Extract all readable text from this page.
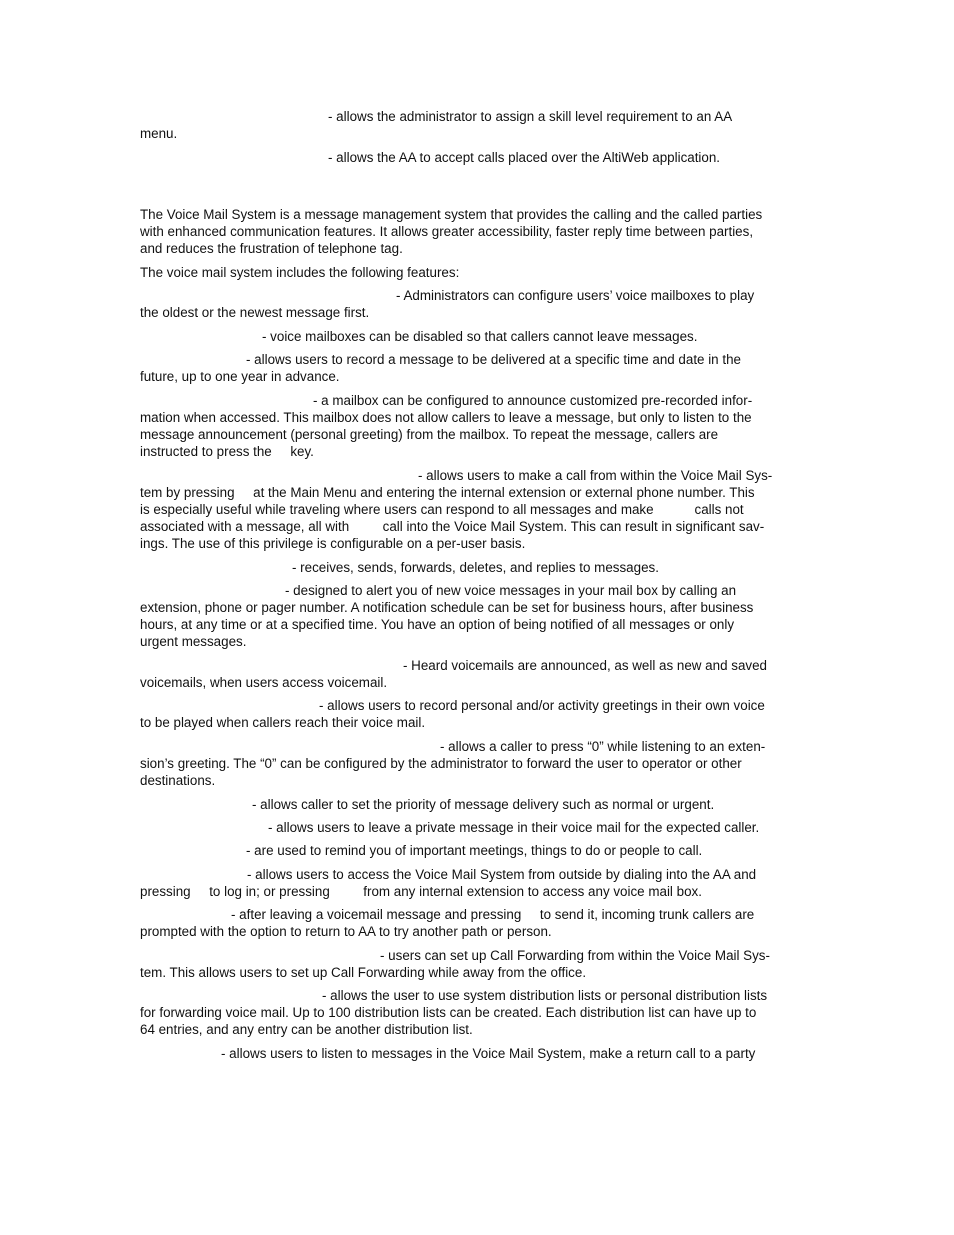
- allows the administrator to assign a skill level requirement to an AA

menu.

- allows the AA to accept calls placed over the AltiWeb application.

The Voice Mail System is a message management system that provides the calling and the called parties

with enhanced communication features. It allows greater accessibility, faster reply time between parties,

and reduces the frustration of telephone tag.

The voice mail system includes the following features:

- Administrators can configure users’ voice mailboxes to play

the oldest or the newest message first.

- voice mailboxes can be disabled so that callers cannot leave messages.

- allows users to record a message to be delivered at a specific time and date in the

future, up to one year in advance.

- a mailbox can be configured to announce customized pre-recorded infor-

mation when accessed. This mailbox does not allow callers to leave a message, but only to listen to the

message announcement (personal greeting) from the mailbox. To repeat the message, callers are

instructed to press the     key.

- allows users to make a call from within the Voice Mail Sys-

tem by pressing     at the Main Menu and entering the internal extension or external phone number. This

is especially useful while traveling where users can respond to all messages and make           calls not

associated with a message, all with         call into the Voice Mail System. This can result in significant sav-

ings. The use of this privilege is configurable on a per-user basis.

- receives, sends, forwards, deletes, and replies to messages.

- designed to alert you of new voice messages in your mail box by calling an

extension, phone or pager number. A notification schedule can be set for business hours, after business

hours, at any time or at a specified time. You have an option of being notified of all messages or only

urgent messages.

- Heard voicemails are announced, as well as new and saved

voicemails, when users access voicemail.

- allows users to record personal and/or activity greetings in their own voice

to be played when callers reach their voice mail.

- allows a caller to press “0” while listening to an exten-

sion’s greeting. The “0” can be configured by the administrator to forward the user to operator or other

destinations.

- allows caller to set the priority of message delivery such as normal or urgent.

- allows users to leave a private message in their voice mail for the expected caller.

- are used to remind you of important meetings, things to do or people to call.

- allows users to access the Voice Mail System from outside by dialing into the AA and

pressing     to log in; or pressing         from any internal extension to access any voice mail box.

- after leaving a voicemail message and pressing     to send it, incoming trunk callers are

prompted with the option to return to AA to try another path or person.

- users can set up Call Forwarding from within the Voice Mail Sys-

tem. This allows users to set up Call Forwarding while away from the office.

- allows the user to use system distribution lists or personal distribution lists

for forwarding voice mail. Up to 100 distribution lists can be created. Each distribution list can have up to

64 entries, and any entry can be another distribution list.

- allows users to listen to messages in the Voice Mail System, make a return call to a party
